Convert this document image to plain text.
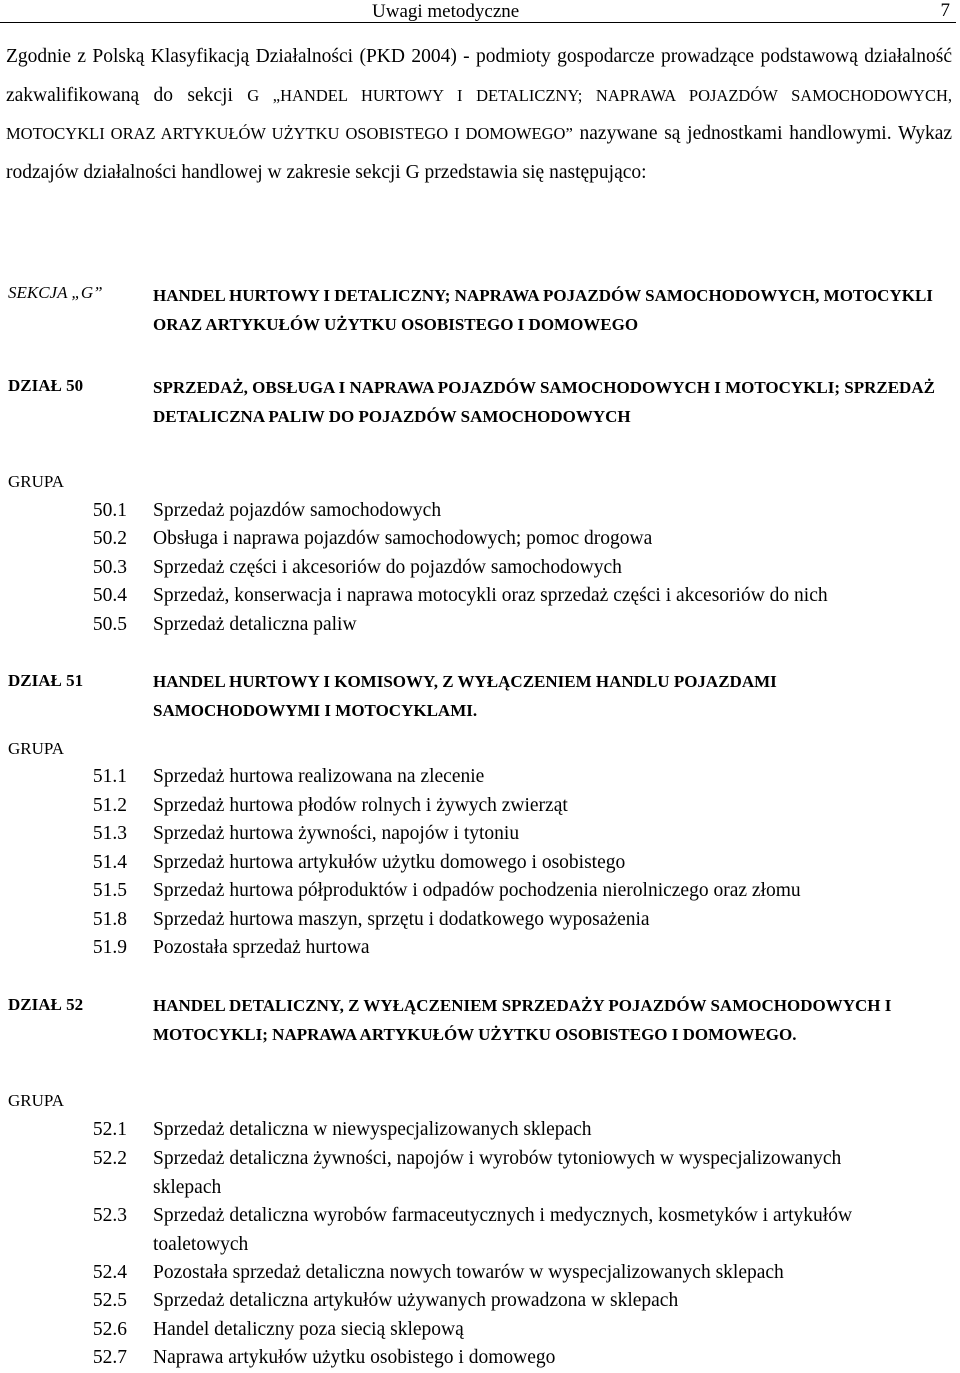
Uwagi metodyczne	7
Zgodnie z Polską Klasyfikacją Działalności (PKD 2004) - podmioty gospodarcze prowadzące podstawową działalność zakwalifikowaną do sekcji G „HANDEL HURTOWY I DETALICZNY; NAPRAWA POJAZDÓW SAMOCHODOWYCH, MOTOCYKLI ORAZ ARTYKUŁÓW UŻYTKU OSOBISTEGO I DOMOWEGO” nazywane są jednostkami handlowymi. Wykaz rodzajów działalności handlowej w zakresie sekcji G przedstawia się następująco:
SEKCJA „G”	HANDEL HURTOWY I DETALICZNY; NAPRAWA POJAZDÓW SAMOCHODOWYCH, MOTOCYKLI ORAZ ARTYKUŁÓW UŻYTKU OSOBISTEGO I DOMOWEGO
DZIAŁ 50	SPRZEDAŻ, OBSŁUGA I NAPRAWA POJAZDÓW SAMOCHODOWYCH I MOTOCYKLI; SPRZEDAŻ DETALICZNA PALIW DO POJAZDÓW SAMOCHODOWYCH
GRUPA
50.1 Sprzedaż pojazdów samochodowych
50.2 Obsługa i naprawa pojazdów samochodowych; pomoc drogowa
50.3 Sprzedaż części i akcesoriów do pojazdów samochodowych
50.4 Sprzedaż, konserwacja i naprawa motocykli oraz sprzedaż części i akcesoriów do nich
50.5 Sprzedaż detaliczna paliw
DZIAŁ 51	HANDEL HURTOWY I KOMISOWY, Z WYŁĄCZENIEM HANDLU POJAZDAMI SAMOCHODOWYMI I MOTOCYKLAMI.
GRUPA
51.1 Sprzedaż hurtowa realizowana na zlecenie
51.2 Sprzedaż hurtowa płodów rolnych i żywych zwierząt
51.3 Sprzedaż hurtowa żywności, napojów i tytoniu
51.4 Sprzedaż hurtowa artykułów użytku domowego i osobistego
51.5 Sprzedaż hurtowa półproduktów i odpadów pochodzenia nierolniczego oraz złomu
51.8 Sprzedaż hurtowa maszyn, sprzętu i dodatkowego wyposażenia
51.9 Pozostała sprzedaż hurtowa
DZIAŁ 52	HANDEL DETALICZNY, Z WYŁĄCZENIEM SPRZEDAŻY POJAZDÓW SAMOCHODOWYCH I MOTOCYKLI; NAPRAWA ARTYKUŁÓW UŻYTKU OSOBISTEGO I DOMOWEGO.
GRUPA
52.1 Sprzedaż detaliczna w niewyspecjalizowanych sklepach
52.2 Sprzedaż detaliczna żywności, napojów i wyrobów tytoniowych w wyspecjalizowanych sklepach
52.3 Sprzedaż detaliczna wyrobów farmaceutycznych i medycznych, kosmetyków i artykułów toaletowych
52.4 Pozostała sprzedaż detaliczna nowych towarów w wyspecjalizowanych sklepach
52.5 Sprzedaż detaliczna artykułów używanych prowadzona w sklepach
52.6 Handel detaliczny poza siecią sklepową
52.7 Naprawa artykułów użytku osobistego i domowego
